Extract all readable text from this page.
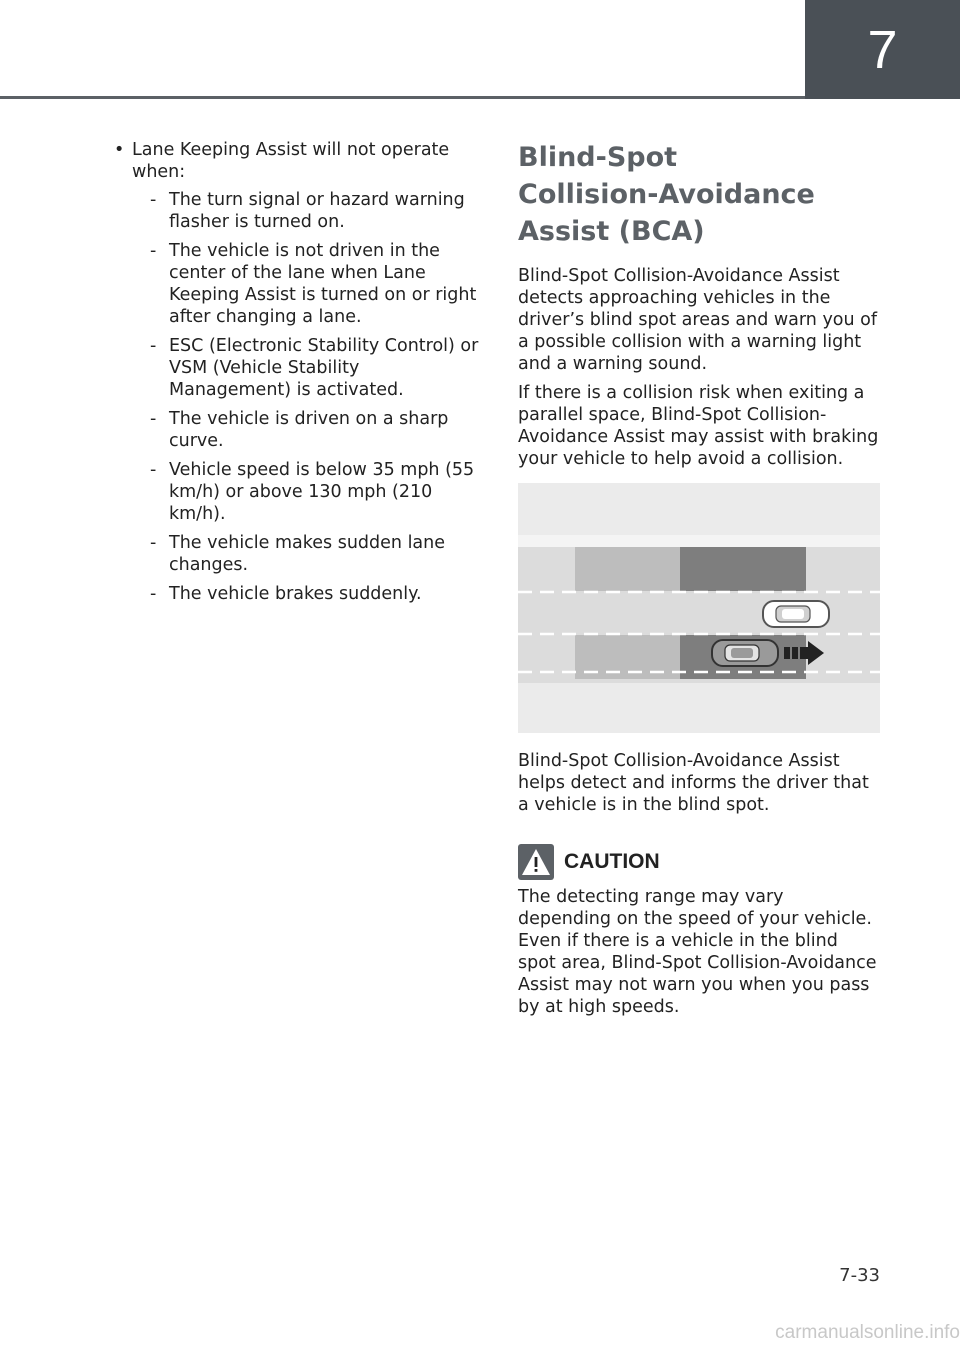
7
• Lane Keeping Assist will not operate when:
- The turn signal or hazard warning flasher is turned on.
- The vehicle is not driven in the center of the lane when Lane Keeping Assist is turned on or right after changing a lane.
- ESC (Electronic Stability Control) or VSM (Vehicle Stability Management) is activated.
- The vehicle is driven on a sharp curve.
- Vehicle speed is below 35 mph (55 km/h) or above 130 mph (210 km/h).
- The vehicle makes sudden lane changes.
- The vehicle brakes suddenly.
Blind-Spot Collision-Avoidance Assist (BCA)

Blind-Spot Collision-Avoidance Assist detects approaching vehicles in the driver’s blind spot areas and warn you of a possible collision with a warning light and a warning sound.

If there is a collision risk when exiting a parallel space, Blind-Spot Collision-Avoidance Assist may assist with braking your vehicle to help avoid a collision.

Blind-Spot Collision-Avoidance Assist helps detect and informs the driver that a vehicle is in the blind spot.

CAUTION

The detecting range may vary depending on the speed of your vehicle. Even if there is a vehicle in the blind spot area, Blind-Spot Collision-Avoidance Assist may not warn you when you pass by at high speeds.

7-33
carmanualsonline.info
